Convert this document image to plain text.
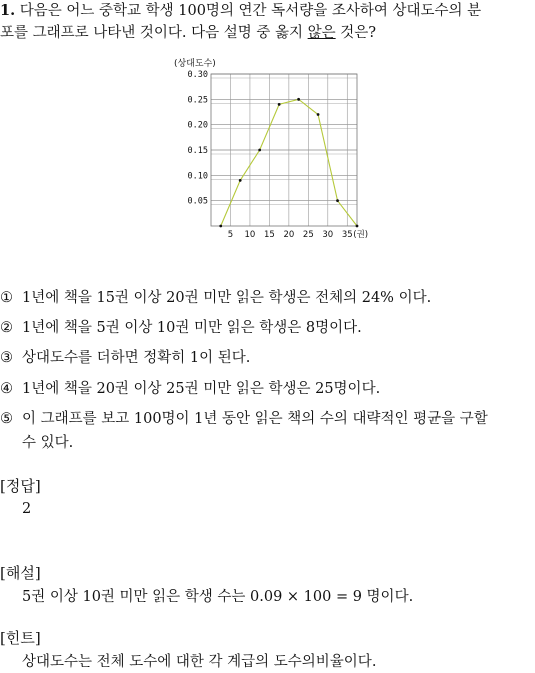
1. 다음은 어느 중학교 학생 100명의 연간 독서량을 조사하여 상대도수의 분
포를 그래프로 나타낸 것이다. 다음 설명 중 옳지 않은 것은?
(상대도수)
0.30
0.25
0.20
0.15
0.10
0.05
5 10 15 20 25 30 35 (권)
① 1년에 책을 15권 이상 20권 미만 읽은 학생은 전체의 24% 이다.
② 1년에 책을 5권 이상 10권 미만 읽은 학생은 8명이다.
③ 상대도수를 더하면 정확히 1이 된다.
④ 1년에 책을 20권 이상 25권 미만 읽은 학생은 25명이다.
⑤ 이 그래프를 보고 100명이 1년 동안 읽은 책의 수의 대략적인 평균을 구할
수 있다.
[정답]
2
[해설]
5권 이상 10권 미만 읽은 학생 수는 0.09 × 100 = 9 명이다.
[힌트]
상대도수는 전체 도수에 대한 각 계급의 도수의비율이다.
